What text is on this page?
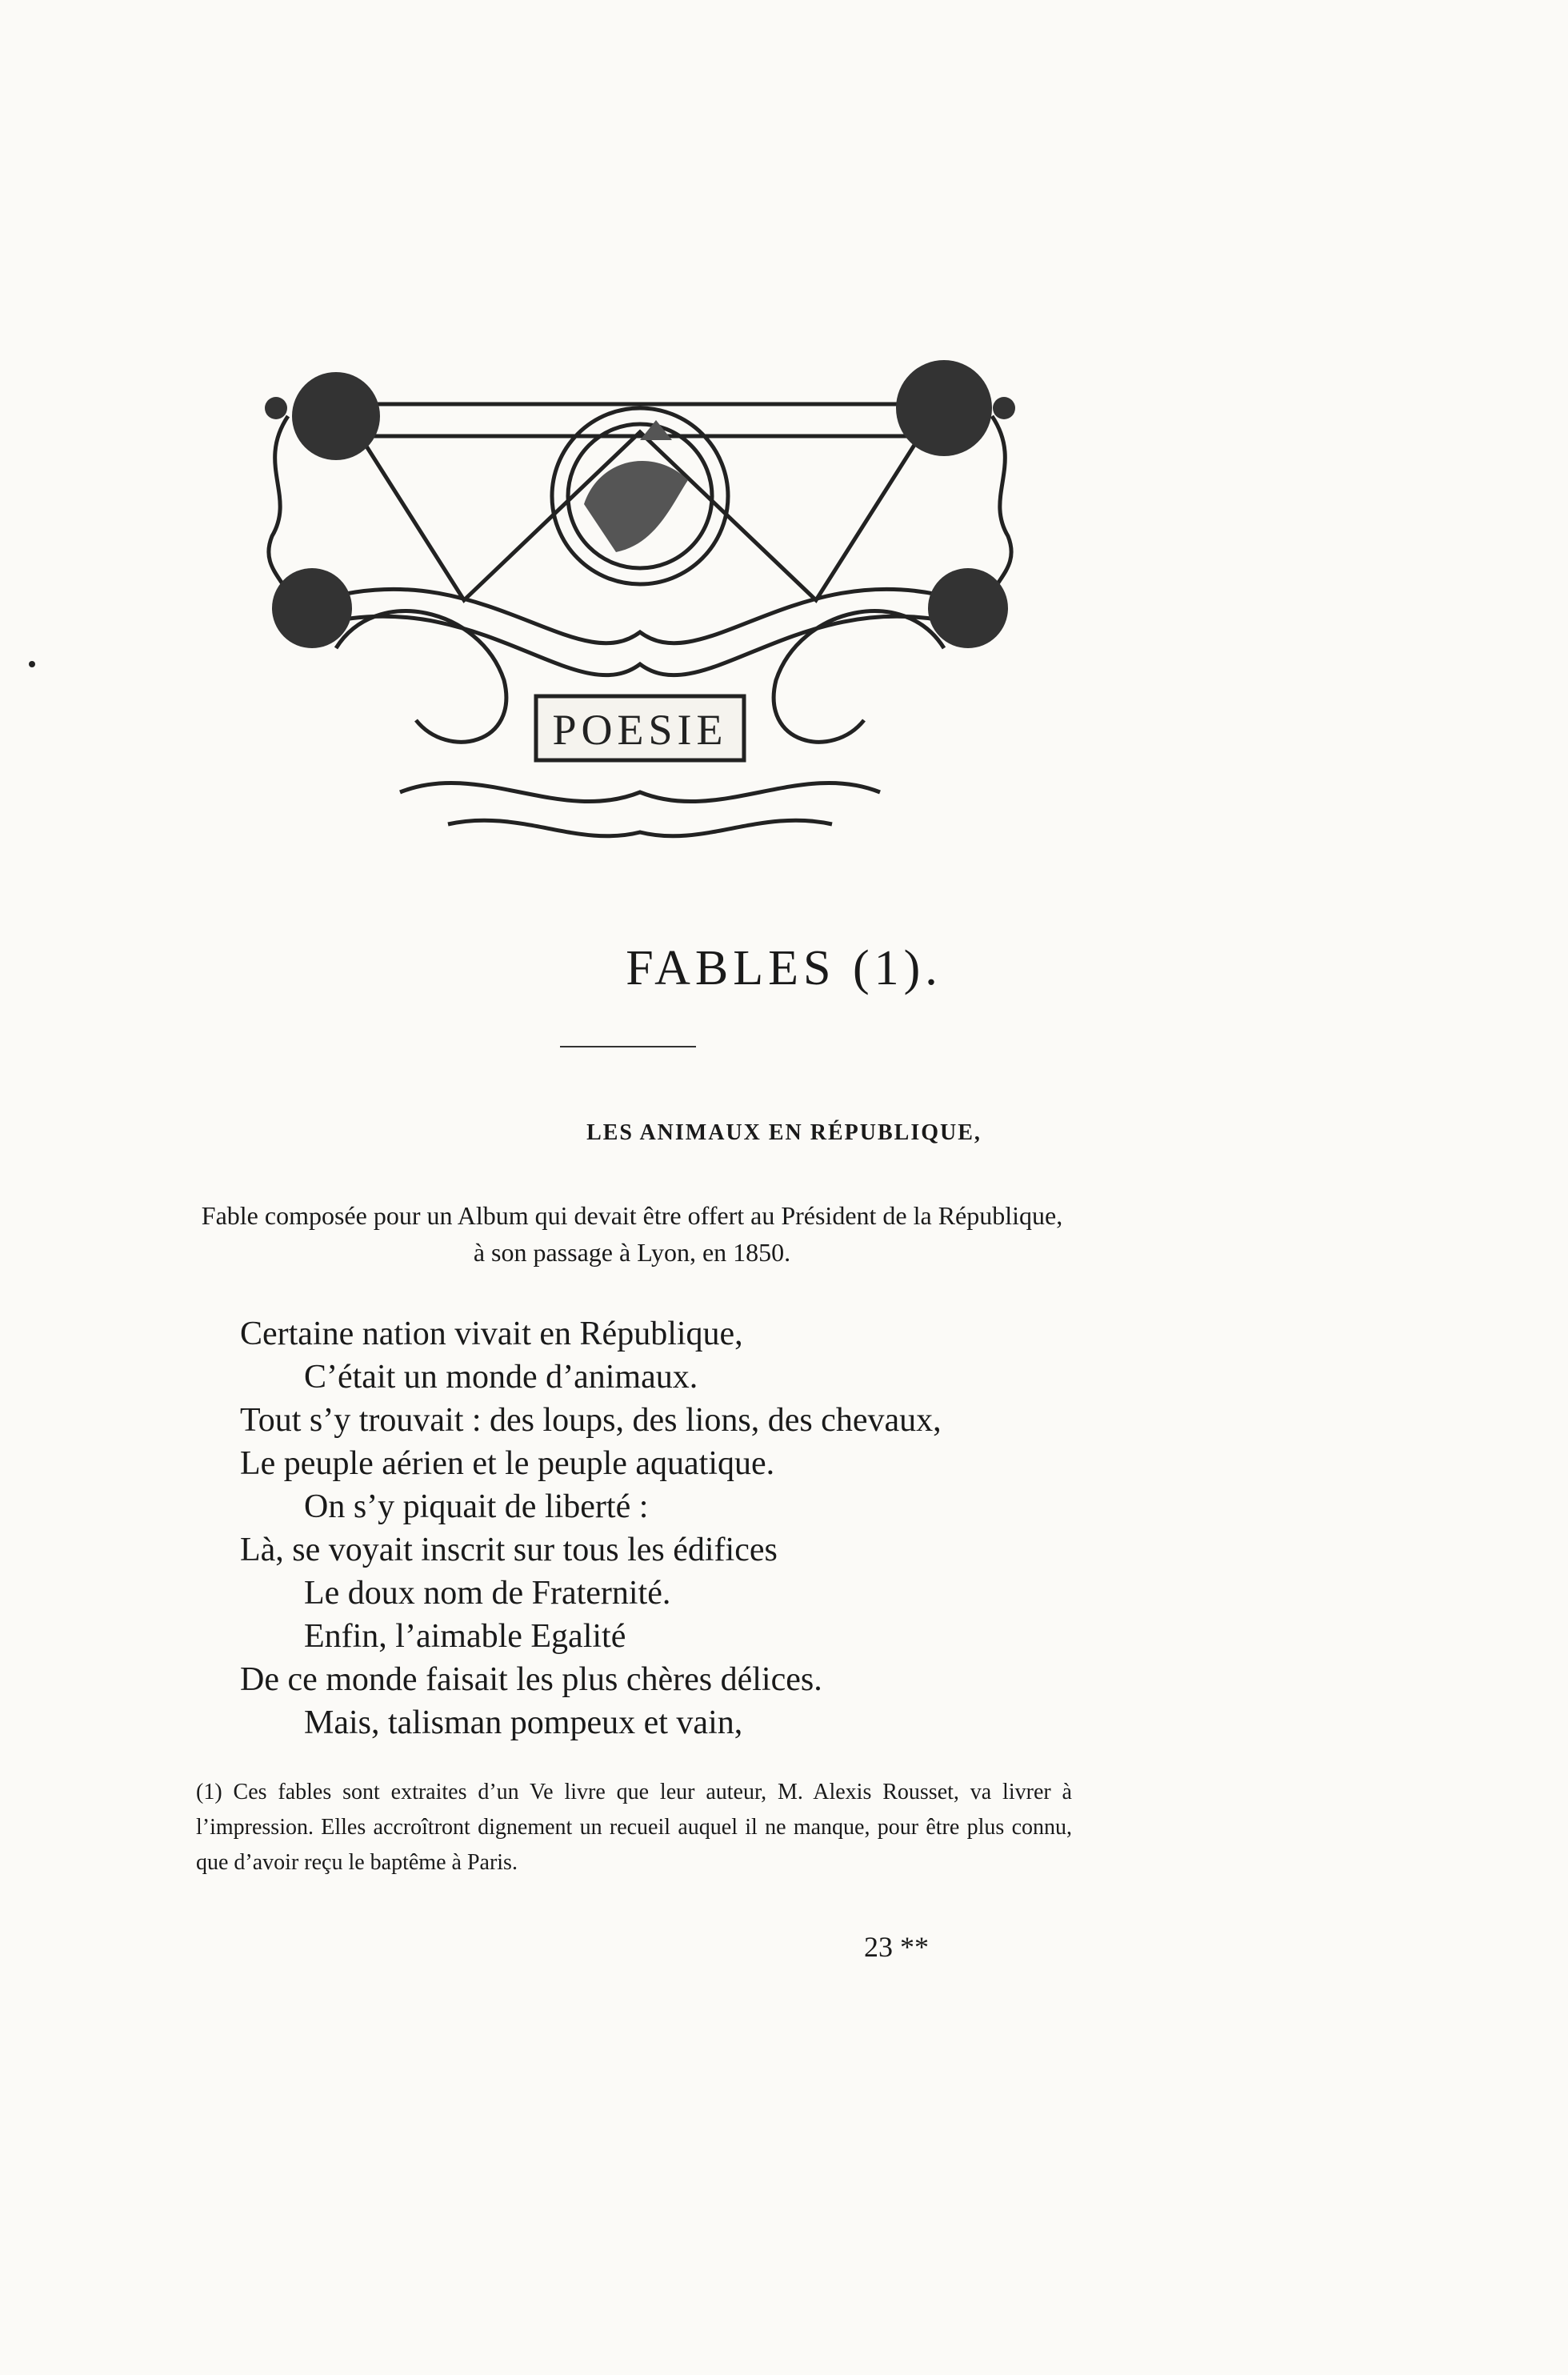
POESIE
FABLES (1).
LES ANIMAUX EN RÉPUBLIQUE,
Fable composée pour un Album qui devait être offert au Président de la République, à son passage à Lyon, en 1850.
Certaine nation vivait en République,
C’était un monde d’animaux.
Tout s’y trouvait : des loups, des lions, des chevaux,
Le peuple aérien et le peuple aquatique.
On s’y piquait de liberté :
Là, se voyait inscrit sur tous les édifices
Le doux nom de Fraternité.
Enfin, l’aimable Egalité
De ce monde faisait les plus chères délices.
Mais, talisman pompeux et vain,
(1) Ces fables sont extraites d’un Ve livre que leur auteur, M. Alexis Rousset, va livrer à l’impression. Elles accroîtront dignement un recueil auquel il ne manque, pour être plus connu, que d’avoir reçu le baptême à Paris.
23 **
